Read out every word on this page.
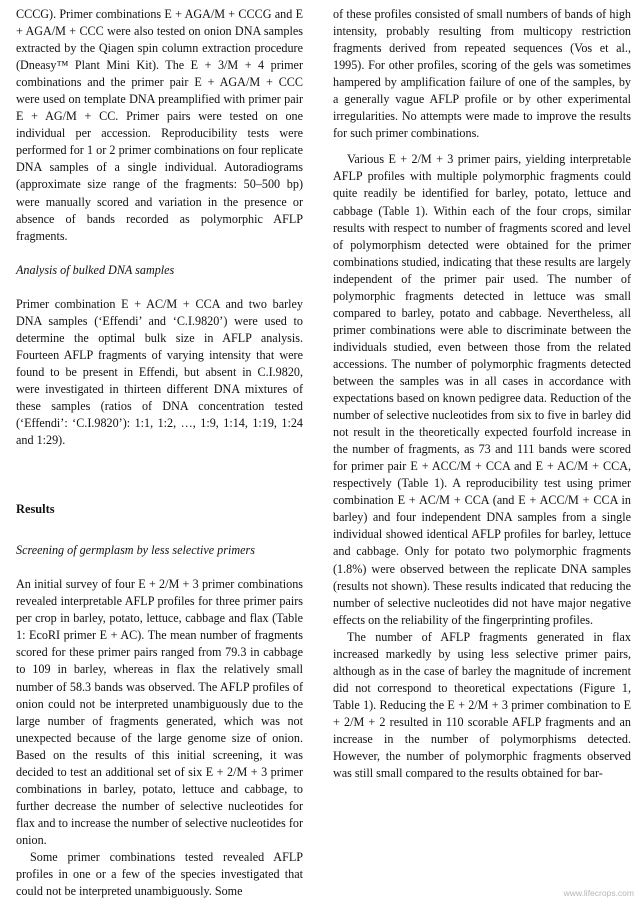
CCCG). Primer combinations E + AGA/M + CCCG and E + AGA/M + CCC were also tested on onion DNA samples extracted by the Qiagen spin column extraction procedure (Dneasy™ Plant Mini Kit). The E + 3/M + 4 primer combinations and the primer pair E + AGA/M + CCC were used on template DNA preamplified with primer pair E + AG/M + CC. Primer pairs were tested on one individual per accession. Reproducibility tests were performed for 1 or 2 primer combinations on four replicate DNA samples of a single individual. Autoradiograms (approximate size range of the fragments: 50–500 bp) were manually scored and variation in the presence or absence of bands recorded as polymorphic AFLP fragments.

Analysis of bulked DNA samples

Primer combination E + AC/M + CCA and two barley DNA samples (‘Effendi’ and ‘C.I.9820’) were used to determine the optimal bulk size in AFLP analysis. Fourteen AFLP fragments of varying intensity that were found to be present in Effendi, but absent in C.I.9820, were investigated in thirteen different DNA mixtures of these samples (ratios of DNA concentration tested (‘Effendi’: ‘C.I.9820’): 1:1, 1:2, …, 1:9, 1:14, 1:19, 1:24 and 1:29).

Results

Screening of germplasm by less selective primers

An initial survey of four E + 2/M + 3 primer combinations revealed interpretable AFLP profiles for three primer pairs per crop in barley, potato, lettuce, cabbage and flax (Table 1: EcoRI primer E + AC). The mean number of fragments scored for these primer pairs ranged from 79.3 in cabbage to 109 in barley, whereas in flax the relatively small number of 58.3 bands was observed. The AFLP profiles of onion could not be interpreted unambiguously due to the large number of fragments generated, which was not unexpected because of the large genome size of onion. Based on the results of this initial screening, it was decided to test an additional set of six E + 2/M + 3 primer combinations in barley, potato, lettuce and cabbage, to further decrease the number of selective nucleotides for flax and to increase the number of selective nucleotides for onion.

Some primer combinations tested revealed AFLP profiles in one or a few of the species investigated that could not be interpreted unambiguously. Some

of these profiles consisted of small numbers of bands of high intensity, probably resulting from multicopy restriction fragments derived from repeated sequences (Vos et al., 1995). For other profiles, scoring of the gels was sometimes hampered by amplification failure of one of the samples, by a generally vague AFLP profile or by other experimental irregularities. No attempts were made to improve the results for such primer combinations.

Various E + 2/M + 3 primer pairs, yielding interpretable AFLP profiles with multiple polymorphic fragments could quite readily be identified for barley, potato, lettuce and cabbage (Table 1). Within each of the four crops, similar results with respect to number of fragments scored and level of polymorphism detected were obtained for the primer combinations studied, indicating that these results are largely independent of the primer pair used. The number of polymorphic fragments detected in lettuce was small compared to barley, potato and cabbage. Nevertheless, all primer combinations were able to discriminate between the individuals studied, even between those from the related accessions. The number of polymorphic fragments detected between the samples was in all cases in accordance with expectations based on known pedigree data. Reduction of the number of selective nucleotides from six to five in barley did not result in the theoretically expected fourfold increase in the number of fragments, as 73 and 111 bands were scored for primer pair E + ACC/M + CCA and E + AC/M + CCA, respectively (Table 1). A reproducibility test using primer combination E + AC/M + CCA (and E + ACC/M + CCA in barley) and four independent DNA samples from a single individual showed identical AFLP profiles for barley, lettuce and cabbage. Only for potato two polymorphic fragments (1.8%) were observed between the replicate DNA samples (results not shown). These results indicated that reducing the number of selective nucleotides did not have major negative effects on the reliability of the fingerprinting profiles.

The number of AFLP fragments generated in flax increased markedly by using less selective primer pairs, although as in the case of barley the magnitude of increment did not correspond to theoretical expectations (Figure 1, Table 1). Reducing the E + 2/M + 3 primer combination to E + 2/M + 2 resulted in 110 scorable AFLP fragments and an increase in the number of polymorphisms detected. However, the number of polymorphic fragments observed was still small compared to the results obtained for bar-

www.lifecrops.com
